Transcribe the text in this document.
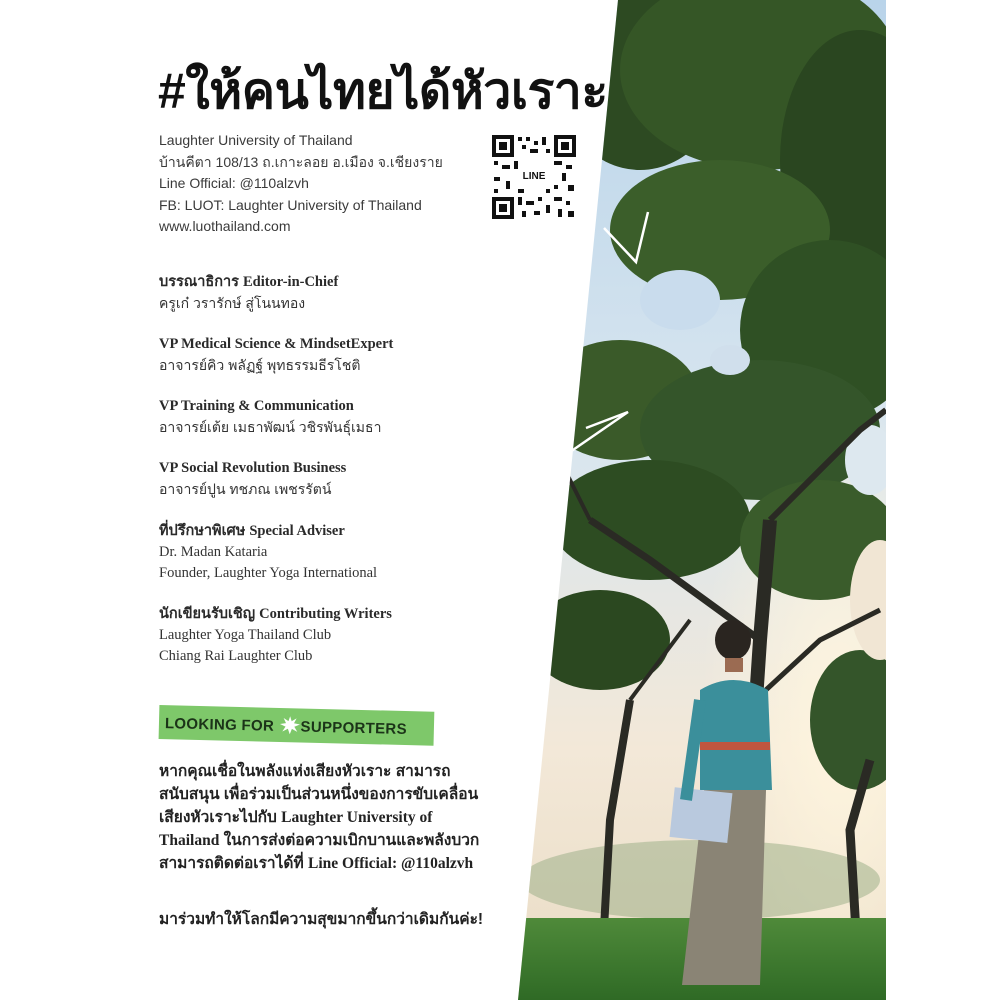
#ให้คนไทยได้หัวเราะ
Laughter University of Thailand
บ้านคีตา 108/13 ถ.เกาะลอย อ.เมือง จ.เชียงราย
Line Official: @110alzvh
FB: LUOT: Laughter University of Thailand
www.luothailand.com
LINE
บรรณาธิการ Editor-in-Chief
ครูเก๋ วรารักษ์ สู่โนนทอง
VP Medical Science & MindsetExpert
อาจารย์คิว พลัฏฐ์ พุทธรรมธีรโชติ
VP Training & Communication
อาจารย์เต้ย เมธาพัฒน์ วชิรพันธุ์เมธา
VP Social Revolution Business
อาจารย์ปูน ทชภณ เพชรรัตน์
ที่ปรึกษาพิเศษ Special Adviser
Dr. Madan Kataria
Founder, Laughter Yoga International
นักเขียนรับเชิญ Contributing Writers
Laughter Yoga Thailand Club
Chiang Rai Laughter Club
LOOKING FOR SUPPORTERS

หากคุณเชื่อในพลังแห่งเสียงหัวเราะ สามารถ

สนับสนุน เพื่อร่วมเป็นส่วนหนึ่งของการขับเคลื่อน

เสียงหัวเราะไปกับ Laughter University of

Thailand ในการส่งต่อความเบิกบานและพลังบวก

สามารถติดต่อเราได้ที่ Line Official: @110alzvh

มาร่วมทำให้โลกมีความสุขมากขึ้นกว่าเดิมกันค่ะ!
